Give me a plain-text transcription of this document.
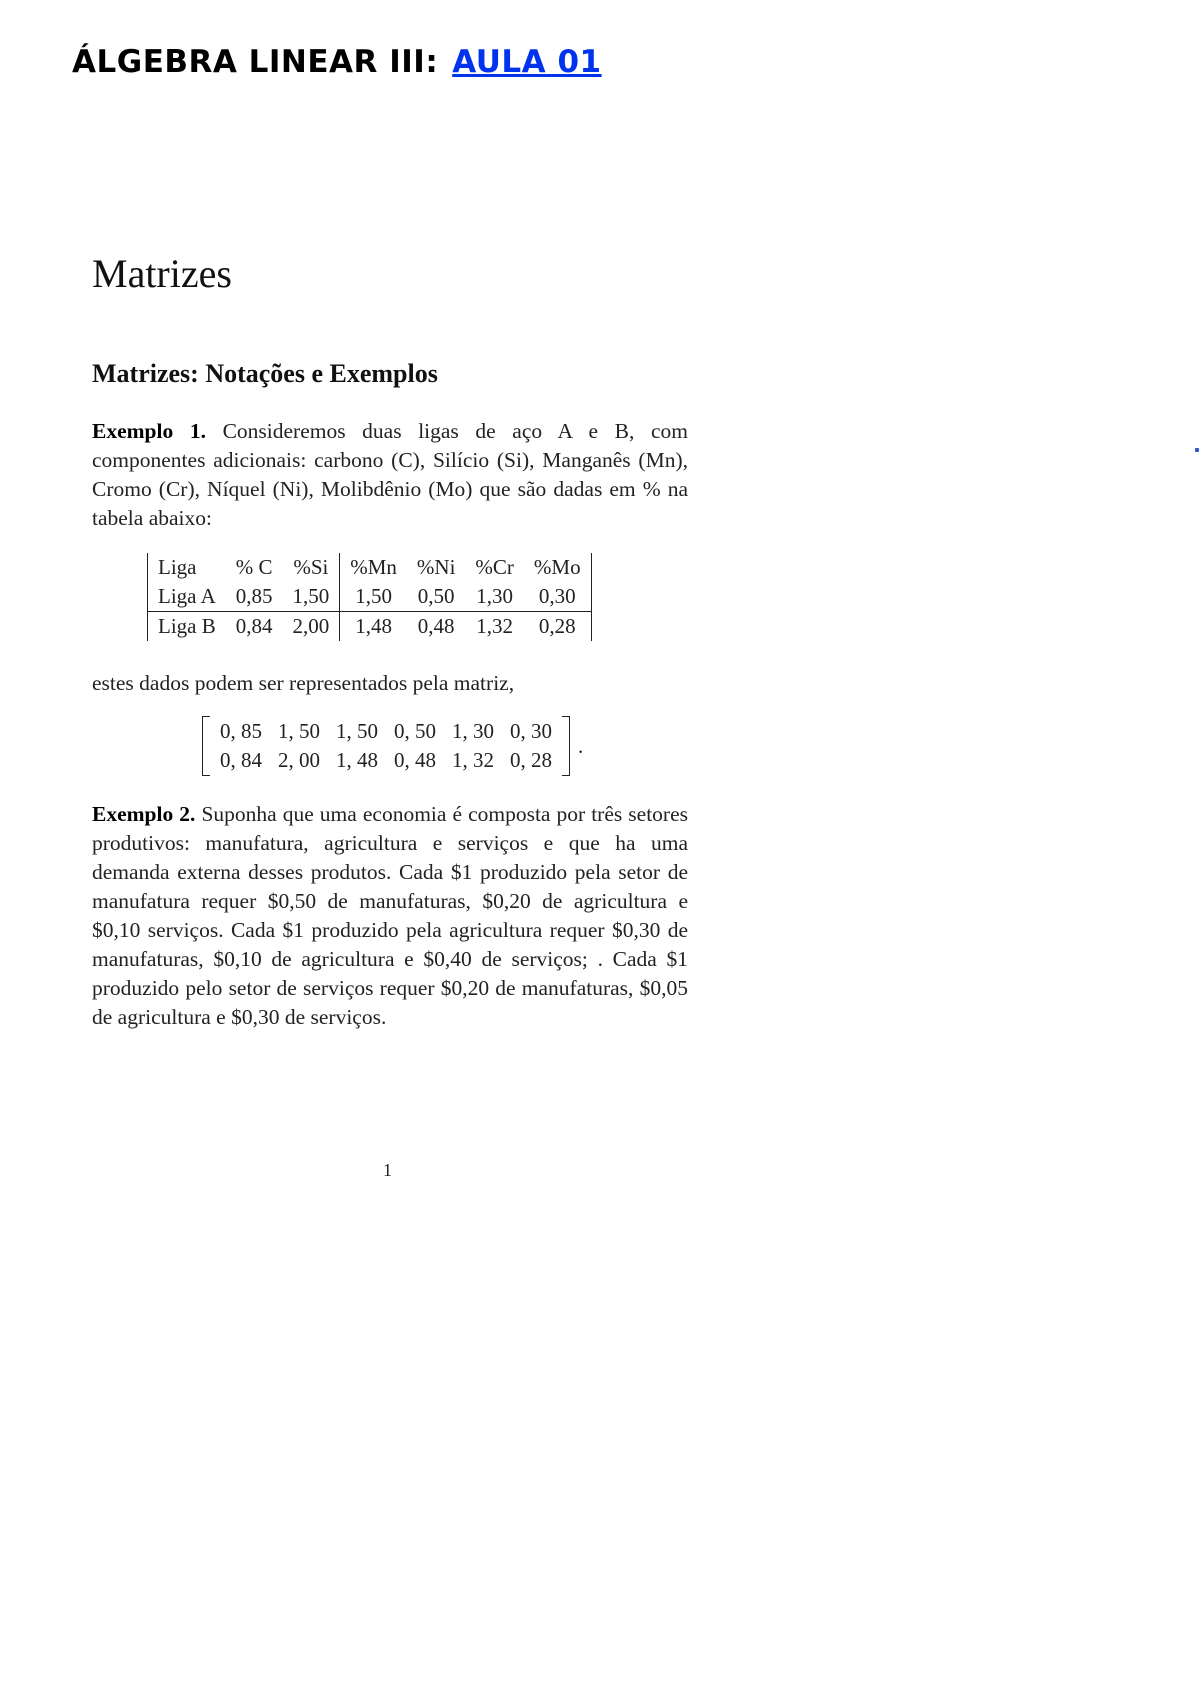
ÁLGEBRA LINEAR III: AULA 01
Matrizes
Matrizes: Notações e Exemplos

Exemplo 1. Consideremos duas ligas de aço A e B, com componentes adicionais: carbono (C), Silício (Si), Manganês (Mn), Cromo (Cr), Níquel (Ni), Molibdênio (Mo) que são dadas em % na tabela abaixo:

Liga	% C	%Si	%Mn	%Ni	%Cr	%Mo
Liga A	0,85	1,50	1,50	0,50	1,30	0,30
Liga B	0,84	2,00	1,48	0,48	1,32	0,28

estes dados podem ser representados pela matriz,

0, 85 1, 50 1, 50 0, 50 1, 30 0, 30
0, 84 2, 00 1, 48 0, 48 1, 32 0, 28
.

Exemplo 2. Suponha que uma economia é composta por três setores produtivos: manufatura, agricultura e serviços e que ha uma demanda externa desses produtos. Cada $1 produzido pela setor de manufatura requer $0,50 de manufaturas, $0,20 de agricultura e $0,10 serviços. Cada $1 produzido pela agricultura requer $0,30 de manufaturas, $0,10 de agricultura e $0,40 de serviços; . Cada $1 produzido pelo setor de serviços requer $0,20 de manufaturas, $0,05 de agricultura e $0,30 de serviços.

1
